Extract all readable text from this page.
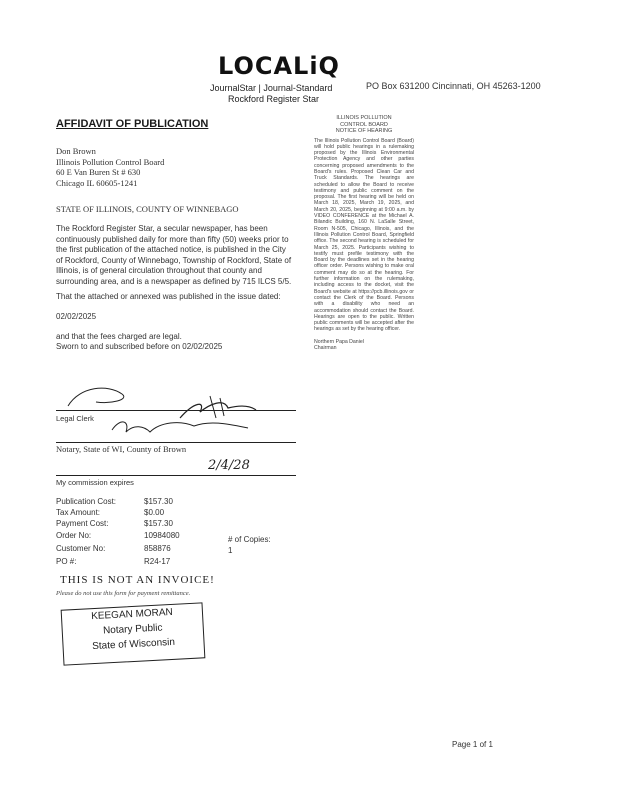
LOCALiQ
JournalStar | Journal-Standard
Rockford Register Star
PO Box 631200 Cincinnati, OH 45263-1200
AFFIDAVIT OF PUBLICATION
Don Brown
Illinois Pollution Control Board
60 E Van Buren St # 630
Chicago IL 60605-1241
STATE OF ILLINOIS, COUNTY OF WINNEBAGO
The Rockford Register Star, a secular newspaper, has been continuously published daily for more than fifty (50) weeks prior to the first publication of the attached notice, is published in the City of Rockford, County of Winnebago, Township of Rockford, State of Illinois, is of general circulation throughout that county and surrounding area, and is a newspaper as defined by 715 ILCS 5/5.
That the attached or annexed was published in the issue dated:
02/02/2025
and that the fees charged are legal.
Sworn to and subscribed before on 02/02/2025
Legal Clerk
Notary, State of WI, County of Brown
2/4/28
My commission expires
Publication Cost:	$157.30
Tax Amount:	$0.00
Payment Cost:	$157.30
Order No:	10984080
Customer No:	858876
PO #:	R24-17
# of Copies:
1
THIS IS NOT AN INVOICE!
Please do not use this form for payment remittance.
KEEGAN MORAN
Notary Public
State of Wisconsin
ILLINOIS POLLUTION
CONTROL BOARD
NOTICE OF HEARING
The Illinois Pollution Control Board (Board) will hold public hearings in a rulemaking proposed by the Illinois Environmental Protection Agency and other parties concerning proposed amendments to the Board's rules. Proposed Clean Car and Truck Standards. The hearings are scheduled to allow the Board to receive testimony and public comment on the proposal. The first hearing will be held on March 18, 2025, March 19, 2025, and March 20, 2025, beginning at 9:00 a.m. by VIDEO CONFERENCE at the Michael A. Bilandic Building, 160 N. LaSalle Street, Room N-505, Chicago, Illinois, and the Illinois Pollution Control Board, Springfield office. The second hearing is scheduled for March 25, 2025. Participants wishing to testify must prefile testimony with the Board by the deadlines set in the hearing officer order. Persons wishing to make oral comment may do so at the hearing. For further information on the rulemaking, including access to the docket, visit the Board's website at https://pcb.illinois.gov or contact the Clerk of the Board. Persons with a disability who need an accommodation should contact the Board. Hearings are open to the public. Written public comments will be accepted after the hearings as set by the hearing officer.
Northern Papa Daniel
Chairman
Page 1 of 1
